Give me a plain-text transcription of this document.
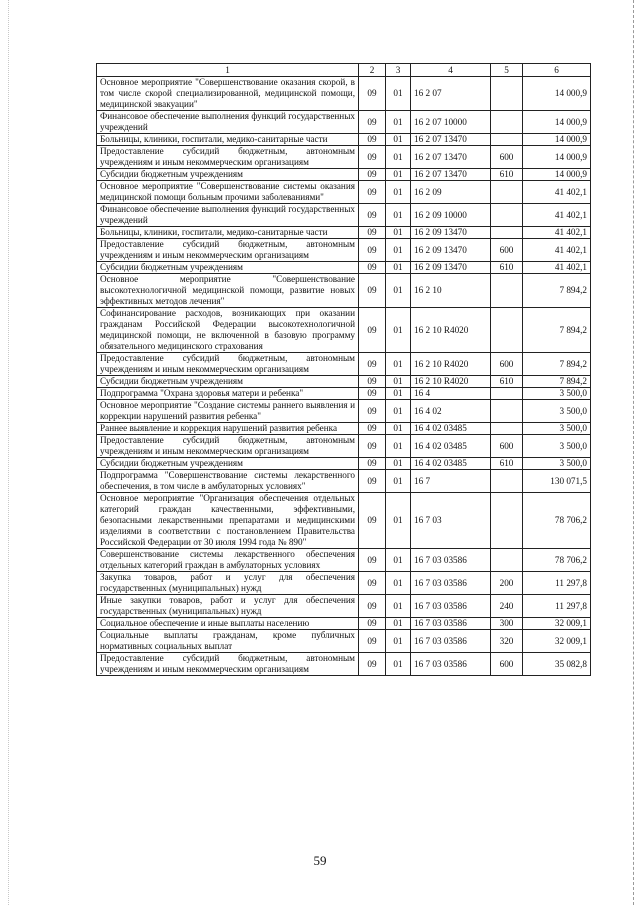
1	2	3	4	5	6
Основное мероприятие "Совершенствование оказания скорой, в том числе скорой специализированной, медицинской помощи, медицинской эвакуации"	09	01	16 2 07		14 000,9
Финансовое обеспечение выполнения функций государственных учреждений	09	01	16 2 07 10000		14 000,9
Больницы, клиники, госпитали, медико-санитарные части	09	01	16 2 07 13470		14 000,9
Предоставление субсидий бюджетным, автономным учреждениям и иным некоммерческим организациям	09	01	16 2 07 13470	600	14 000,9
Субсидии бюджетным учреждениям	09	01	16 2 07 13470	610	14 000,9
Основное мероприятие "Совершенствование системы оказания медицинской помощи больным прочими заболеваниями"	09	01	16 2 09		41 402,1
Финансовое обеспечение выполнения функций государственных учреждений	09	01	16 2 09 10000		41 402,1
Больницы, клиники, госпитали, медико-санитарные части	09	01	16 2 09 13470		41 402,1
Предоставление субсидий бюджетным, автономным учреждениям и иным некоммерческим организациям	09	01	16 2 09 13470	600	41 402,1
Субсидии бюджетным учреждениям	09	01	16 2 09 13470	610	41 402,1
Основное мероприятие "Совершенствование высокотехнологичной медицинской помощи, развитие новых эффективных методов лечения"	09	01	16 2 10		7 894,2
Софинансирование расходов, возникающих при оказании гражданам Российской Федерации высокотехнологичной медицинской помощи, не включенной в базовую программу обязательного медицинского страхования	09	01	16 2 10 R4020		7 894,2
Предоставление субсидий бюджетным, автономным учреждениям и иным некоммерческим организациям	09	01	16 2 10 R4020	600	7 894,2
Субсидии бюджетным учреждениям	09	01	16 2 10 R4020	610	7 894,2
Подпрограмма "Охрана здоровья матери и ребенка"	09	01	16 4		3 500,0
Основное мероприятие "Создание системы раннего выявления и коррекции нарушений развития ребенка"	09	01	16 4 02		3 500,0
Раннее выявление и коррекция нарушений развития ребенка	09	01	16 4 02 03485		3 500,0
Предоставление субсидий бюджетным, автономным учреждениям и иным некоммерческим организациям	09	01	16 4 02 03485	600	3 500,0
Субсидии бюджетным учреждениям	09	01	16 4 02 03485	610	3 500,0
Подпрограмма "Совершенствование системы лекарственного обеспечения, в том числе в амбулаторных условиях"	09	01	16 7		130 071,5
Основное мероприятие "Организация обеспечения отдельных категорий граждан качественными, эффективными, безопасными лекарственными препаратами и медицинскими изделиями в соответствии с постановлением Правительства Российской Федерации от 30 июля 1994 года № 890"	09	01	16 7 03		78 706,2
Совершенствование системы лекарственного обеспечения отдельных категорий граждан в амбулаторных условиях	09	01	16 7 03 03586		78 706,2
Закупка товаров, работ и услуг для обеспечения государственных (муниципальных) нужд	09	01	16 7 03 03586	200	11 297,8
Иные закупки товаров, работ и услуг для обеспечения государственных (муниципальных) нужд	09	01	16 7 03 03586	240	11 297,8
Социальное обеспечение и иные выплаты населению	09	01	16 7 03 03586	300	32 009,1
Социальные выплаты гражданам, кроме публичных нормативных социальных выплат	09	01	16 7 03 03586	320	32 009,1
Предоставление субсидий бюджетным, автономным учреждениям и иным некоммерческим организациям	09	01	16 7 03 03586	600	35 082,8
59
